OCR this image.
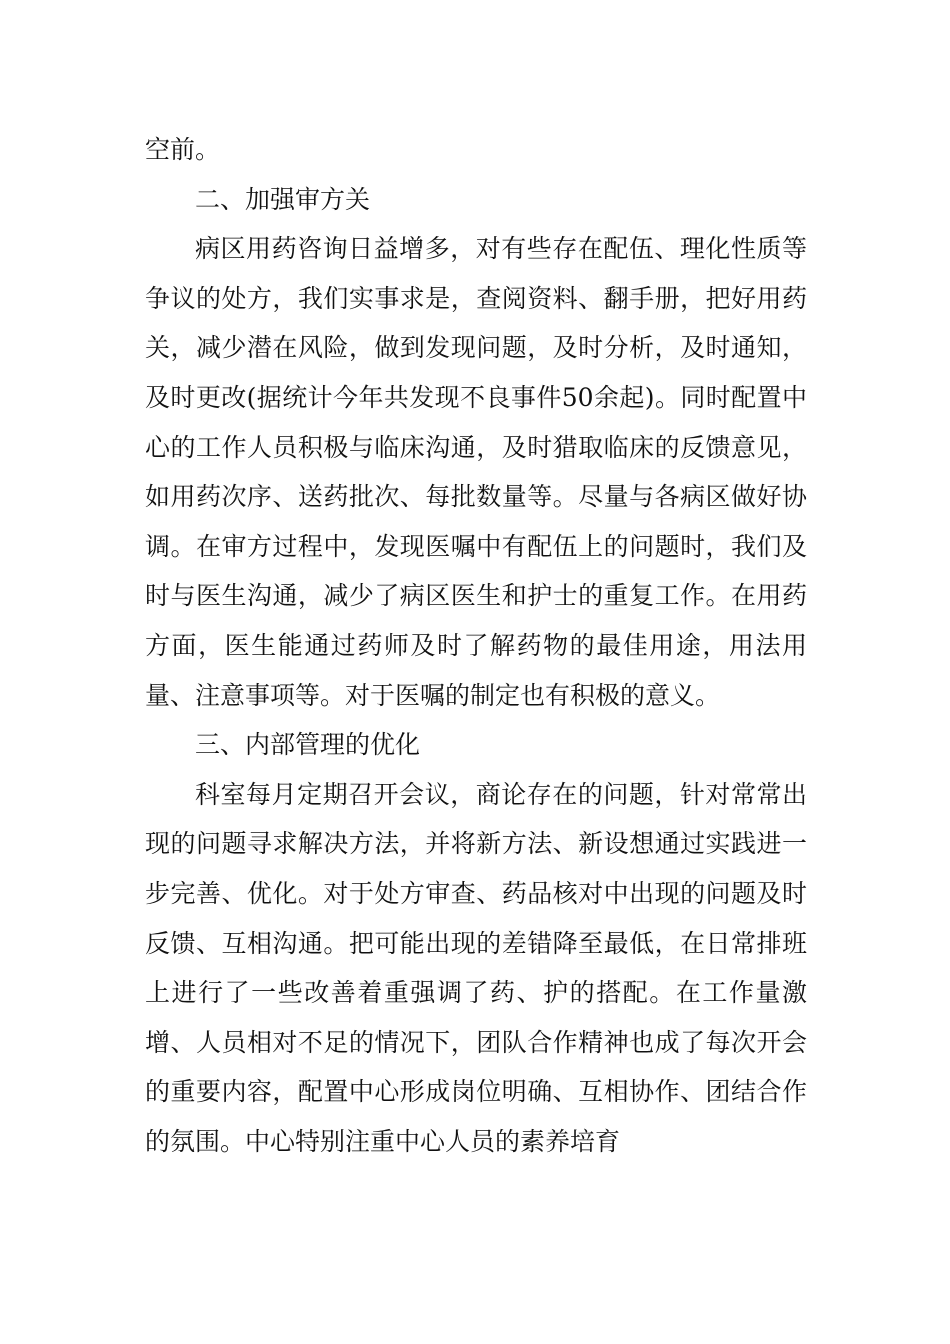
空前。

二、加强审方关

病区用药咨询日益增多，对有些存在配伍、理化性质等争议的处方，我们实事求是，查阅资料、翻手册，把好用药关，减少潜在风险，做到发现问题，及时分析，及时通知，及时更改(据统计今年共发现不良事件50余起)。同时配置中心的工作人员积极与临床沟通，及时猎取临床的反馈意见，如用药次序、送药批次、每批数量等。尽量与各病区做好协调。在审方过程中，发现医嘱中有配伍上的问题时，我们及时与医生沟通，减少了病区医生和护士的重复工作。在用药方面，医生能通过药师及时了解药物的最佳用途，用法用量、注意事项等。对于医嘱的制定也有积极的意义。

三、内部管理的优化

科室每月定期召开会议，商论存在的问题，针对常常出现的问题寻求解决方法，并将新方法、新设想通过实践进一步完善、优化。对于处方审查、药品核对中出现的问题及时反馈、互相沟通。把可能出现的差错降至最低，在日常排班上进行了一些改善着重强调了药、护的搭配。在工作量激增、人员相对不足的情况下，团队合作精神也成了每次开会的重要内容，配置中心形成岗位明确、互相协作、团结合作的氛围。中心特别注重中心人员的素养培育
